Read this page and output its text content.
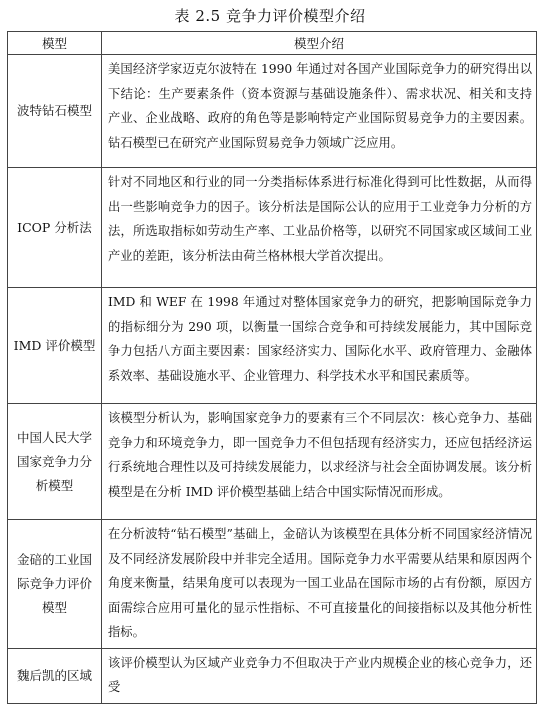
表 2.5 竞争力评价模型介绍
模型	模型介绍
波特钻石模型	美国经济学家迈克尔波特在 1990 年通过对各国产业国际竞争力的研究得出以下结论：生产要素条件（资本资源与基础设施条件）、需求状况、相关和支持产业、企业战略、政府的角色等是影响特定产业国际贸易竞争力的主要因素。钻石模型已在研究产业国际贸易竞争力领域广泛应用。
ICOP 分析法	针对不同地区和行业的同一分类指标体系进行标准化得到可比性数据，从而得出一些影响竞争力的因子。该分析法是国际公认的应用于工业竞争力分析的方法，所选取指标如劳动生产率、工业品价格等，以研究不同国家或区域间工业产业的差距，该分析法由荷兰格林根大学首次提出。
IMD 评价模型	IMD 和 WEF 在 1998 年通过对整体国家竞争力的研究，把影响国际竞争力的指标细分为 290 项，以衡量一国综合竞争和可持续发展能力，其中国际竞争力包括八方面主要因素：国家经济实力、国际化水平、政府管理力、金融体系效率、基础设施水平、企业管理力、科学技术水平和国民素质等。
中国人民大学国家竞争力分析模型	该模型分析认为，影响国家竞争力的要素有三个不同层次：核心竞争力、基础竞争力和环境竞争力，即一国竞争力不但包括现有经济实力，还应包括经济运行系统地合理性以及可持续发展能力，以求经济与社会全面协调发展。该分析模型是在分析 IMD 评价模型基础上结合中国实际情况而形成。
金碚的工业国际竞争力评价模型	在分析波特“钻石模型”基础上，金碚认为该模型在具体分析不同国家经济情况及不同经济发展阶段中并非完全适用。国际竞争力水平需要从结果和原因两个角度来衡量，结果角度可以表现为一国工业品在国际市场的占有份额，原因方面需综合应用可量化的显示性指标、不可直接量化的间接指标以及其他分析性指标。
魏后凯的区域	该评价模型认为区域产业竞争力不但取决于产业内规模企业的核心竞争力，还受
